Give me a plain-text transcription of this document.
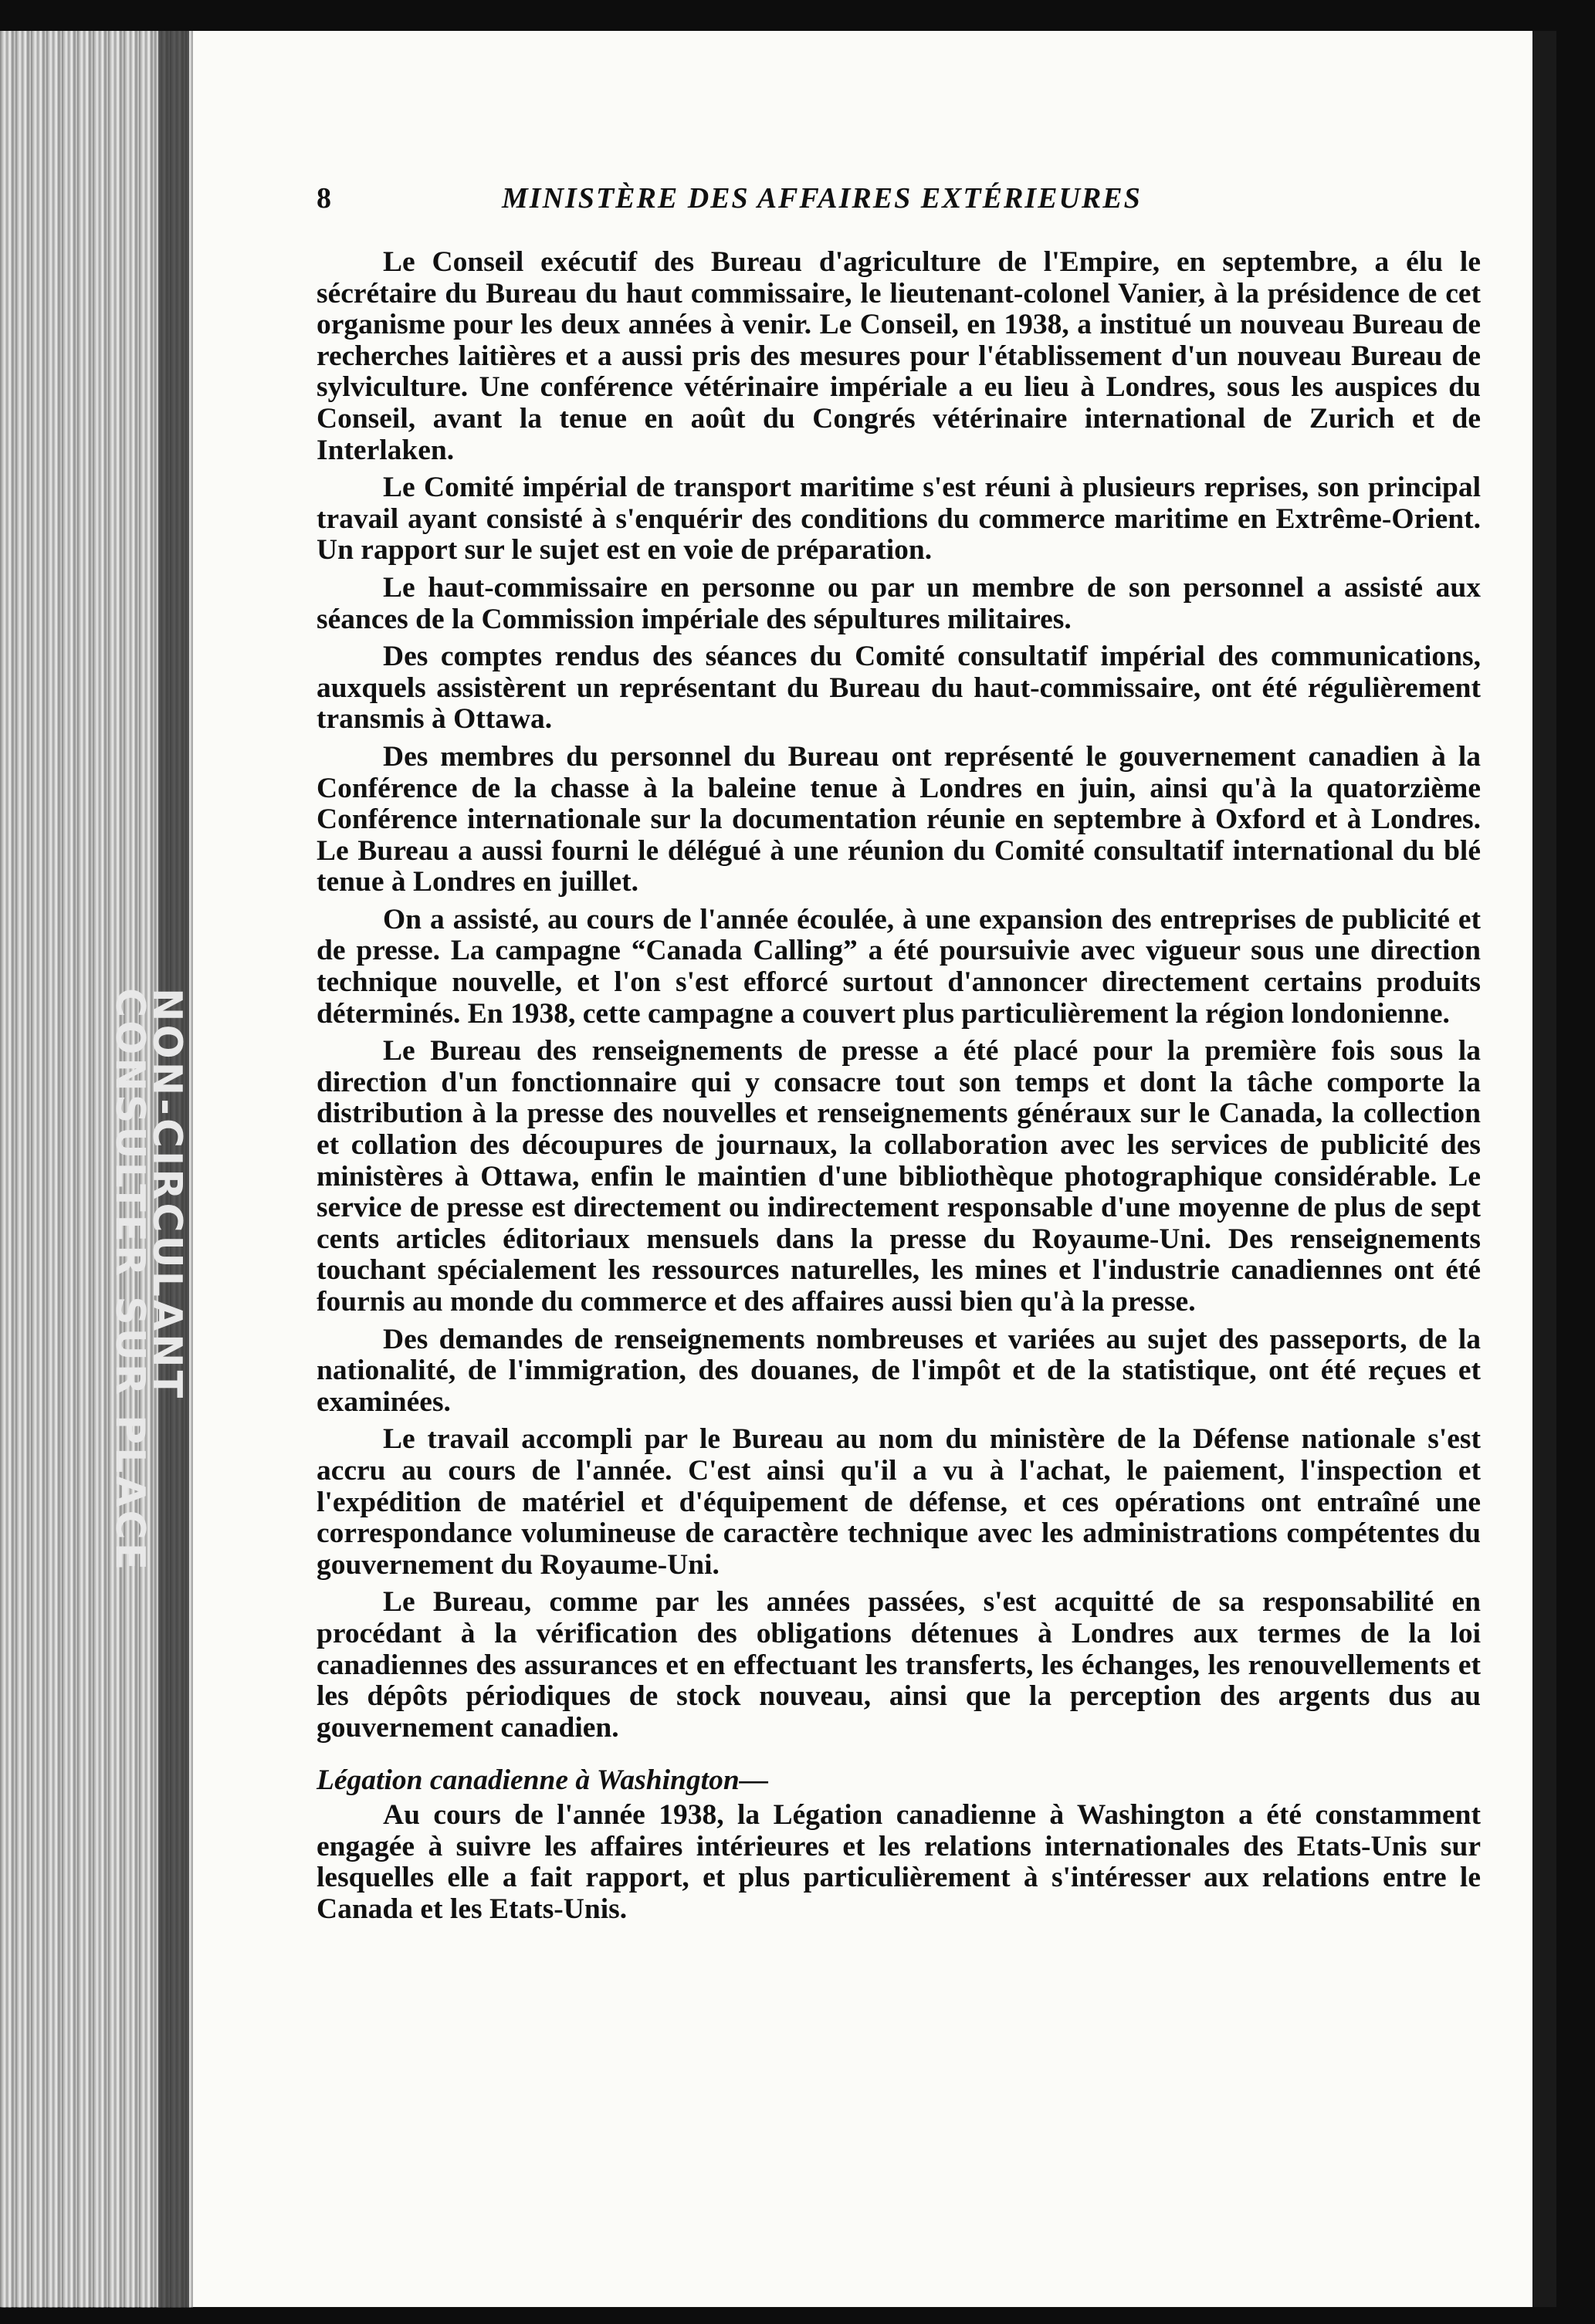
NON-CIRCULANT
CONSULTER SUR PLACE
8	MINISTÈRE DES AFFAIRES EXTÉRIEURES

Le Conseil exécutif des Bureau d'agriculture de l'Empire, en septembre, a élu le sécrétaire du Bureau du haut commissaire, le lieutenant-colonel Vanier, à la présidence de cet organisme pour les deux années à venir. Le Conseil, en 1938, a institué un nouveau Bureau de recherches laitières et a aussi pris des mesures pour l'établissement d'un nouveau Bureau de sylviculture. Une conférence vétérinaire impériale a eu lieu à Londres, sous les auspices du Conseil, avant la tenue en août du Congrés vétérinaire international de Zurich et de Interlaken.

Le Comité impérial de transport maritime s'est réuni à plusieurs reprises, son principal travail ayant consisté à s'enquérir des conditions du commerce maritime en Extrême-Orient. Un rapport sur le sujet est en voie de préparation.

Le haut-commissaire en personne ou par un membre de son personnel a assisté aux séances de la Commission impériale des sépultures militaires.

Des comptes rendus des séances du Comité consultatif impérial des communications, auxquels assistèrent un représentant du Bureau du haut-commissaire, ont été régulièrement transmis à Ottawa.

Des membres du personnel du Bureau ont représenté le gouvernement canadien à la Conférence de la chasse à la baleine tenue à Londres en juin, ainsi qu'à la quatorzième Conférence internationale sur la documentation réunie en septembre à Oxford et à Londres. Le Bureau a aussi fourni le délégué à une réunion du Comité consultatif international du blé tenue à Londres en juillet.

On a assisté, au cours de l'année écoulée, à une expansion des entreprises de publicité et de presse. La campagne “Canada Calling” a été poursuivie avec vigueur sous une direction technique nouvelle, et l'on s'est efforcé surtout d'annoncer directement certains produits déterminés. En 1938, cette campagne a couvert plus particulièrement la région londonienne.

Le Bureau des renseignements de presse a été placé pour la première fois sous la direction d'un fonctionnaire qui y consacre tout son temps et dont la tâche comporte la distribution à la presse des nouvelles et renseignements généraux sur le Canada, la collection et collation des découpures de journaux, la collaboration avec les services de publicité des ministères à Ottawa, enfin le maintien d'une bibliothèque photographique considérable. Le service de presse est directement ou indirectement responsable d'une moyenne de plus de sept cents articles éditoriaux mensuels dans la presse du Royaume-Uni. Des renseignements touchant spécialement les ressources naturelles, les mines et l'industrie canadiennes ont été fournis au monde du commerce et des affaires aussi bien qu'à la presse.

Des demandes de renseignements nombreuses et variées au sujet des passeports, de la nationalité, de l'immigration, des douanes, de l'impôt et de la statistique, ont été reçues et examinées.

Le travail accompli par le Bureau au nom du ministère de la Défense nationale s'est accru au cours de l'année. C'est ainsi qu'il a vu à l'achat, le paiement, l'inspection et l'expédition de matériel et d'équipement de défense, et ces opérations ont entraîné une correspondance volumineuse de caractère technique avec les administrations compétentes du gouvernement du Royaume-Uni.

Le Bureau, comme par les années passées, s'est acquitté de sa responsabilité en procédant à la vérification des obligations détenues à Londres aux termes de la loi canadiennes des assurances et en effectuant les transferts, les échanges, les renouvellements et les dépôts périodiques de stock nouveau, ainsi que la perception des argents dus au gouvernement canadien.

Légation canadienne à Washington—

Au cours de l'année 1938, la Légation canadienne à Washington a été constamment engagée à suivre les affaires intérieures et les relations internationales des Etats-Unis sur lesquelles elle a fait rapport, et plus particulièrement à s'intéresser aux relations entre le Canada et les Etats-Unis.
